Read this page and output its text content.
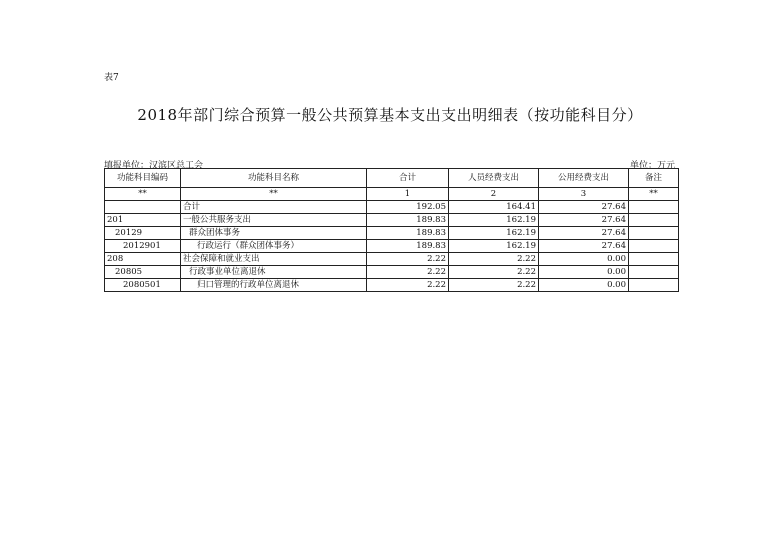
表7
2018年部门综合预算一般公共预算基本支出支出明细表（按功能科目分）
填报单位：汉滨区总工会	单位：万元
功能科目编码	功能科目名称	合计	人员经费支出	公用经费支出	备注
**	**	1	2	3	**
	合计	192.05	164.41	27.64	
201	一般公共服务支出	189.83	162.19	27.64	
20129	群众团体事务	189.83	162.19	27.64	
2012901	行政运行（群众团体事务）	189.83	162.19	27.64	
208	社会保障和就业支出	2.22	2.22	0.00	
20805	行政事业单位离退休	2.22	2.22	0.00	
2080501	归口管理的行政单位离退休	2.22	2.22	0.00	
